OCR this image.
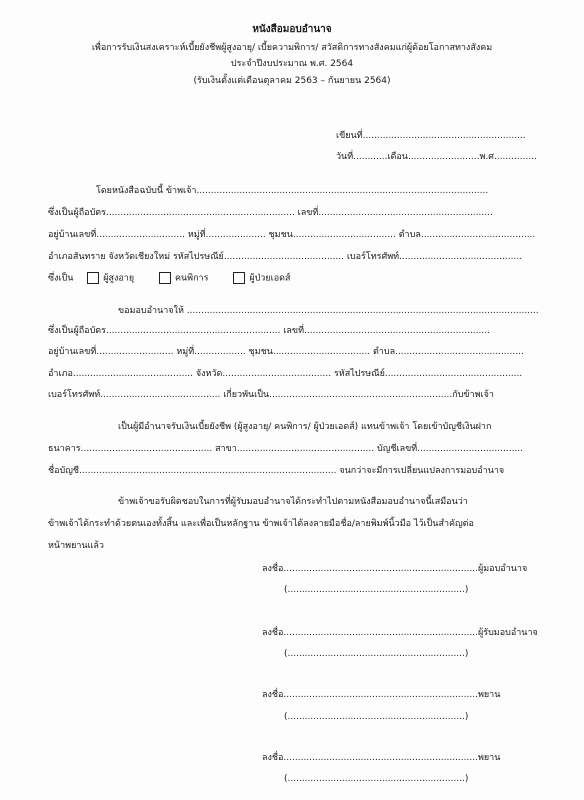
หนังสือมอบอำนาจ
เพื่อการรับเงินสงเคราะห์เบี้ยยังชีพผู้สูงอายุ/ เบี้ยความพิการ/ สวัสดิการทางสังคมแก่ผู้ด้อยโอกาสทางสังคม
ประจำปีงบประมาณ พ.ศ. 2564
(รับเงินตั้งแต่เดือนตุลาคม 2563 – กันยายน 2564)
เขียนที่.........................................................
วันที่............เดือน.........................พ.ศ...............
โดยหนังสือฉบับนี้ ข้าพเจ้า......................................................................................................
ซึ่งเป็นผู้ถือบัตร.................................................................. เลขที่.............................................................
อยู่บ้านเลขที่............................... หมู่ที่..................... ชุมชน.................................... ตำบล........................................
อำเภอสันทราย จังหวัดเชียงใหม่ รหัสไปรษณีย์.......................................... เบอร์โทรศัพท์...........................................
ซึ่งเป็น	ผู้สูงอายุ	คนพิการ	ผู้ป่วยเอดส์
ขอมอบอำนาจให้ ...........................................................................................................................
ซึ่งเป็นผู้ถือบัตร............................................................. เลขที่.................................................................
อยู่บ้านเลขที่........................... หมู่ที่.................. ชุมชน.................................. ตำบล.............................................
อำเภอ.......................................... จังหวัด...................................... รหัสไปรษณีย์................................................
เบอร์โทรศัพท์.......................................... เกี่ยวพันเป็น................................................................กับข้าพเจ้า
เป็นผู้มีอำนาจรับเงินเบี้ยยังชีพ (ผู้สูงอายุ/ คนพิการ/ ผู้ป่วยเอดส์) แทนข้าพเจ้า โดยเข้าบัญชีเงินฝาก
ธนาคาร.............................................. สาขา................................................ บัญชีเลขที่.....................................
ชื่อบัญชี.......................................................................................... จนกว่าจะมีการเปลี่ยนแปลงการมอบอำนาจ
ข้าพเจ้าขอรับผิดชอบในการที่ผู้รับมอบอำนาจได้กระทำไปตามหนังสือมอบอำนาจนี้เสมือนว่า
ข้าพเจ้าได้กระทำด้วยตนเองทั้งสิ้น และเพื่อเป็นหลักฐาน ข้าพเจ้าได้ลงลายมือชื่อ/ลายพิมพ์นิ้วมือ ไว้เป็นสำคัญต่อ
หน้าพยานแล้ว
ลงชื่อ....................................................................ผู้มอบอำนาจ
(..............................................................)
ลงชื่อ....................................................................ผู้รับมอบอำนาจ
(..............................................................)
ลงชื่อ....................................................................พยาน
(..............................................................)
ลงชื่อ....................................................................พยาน
(..............................................................)
